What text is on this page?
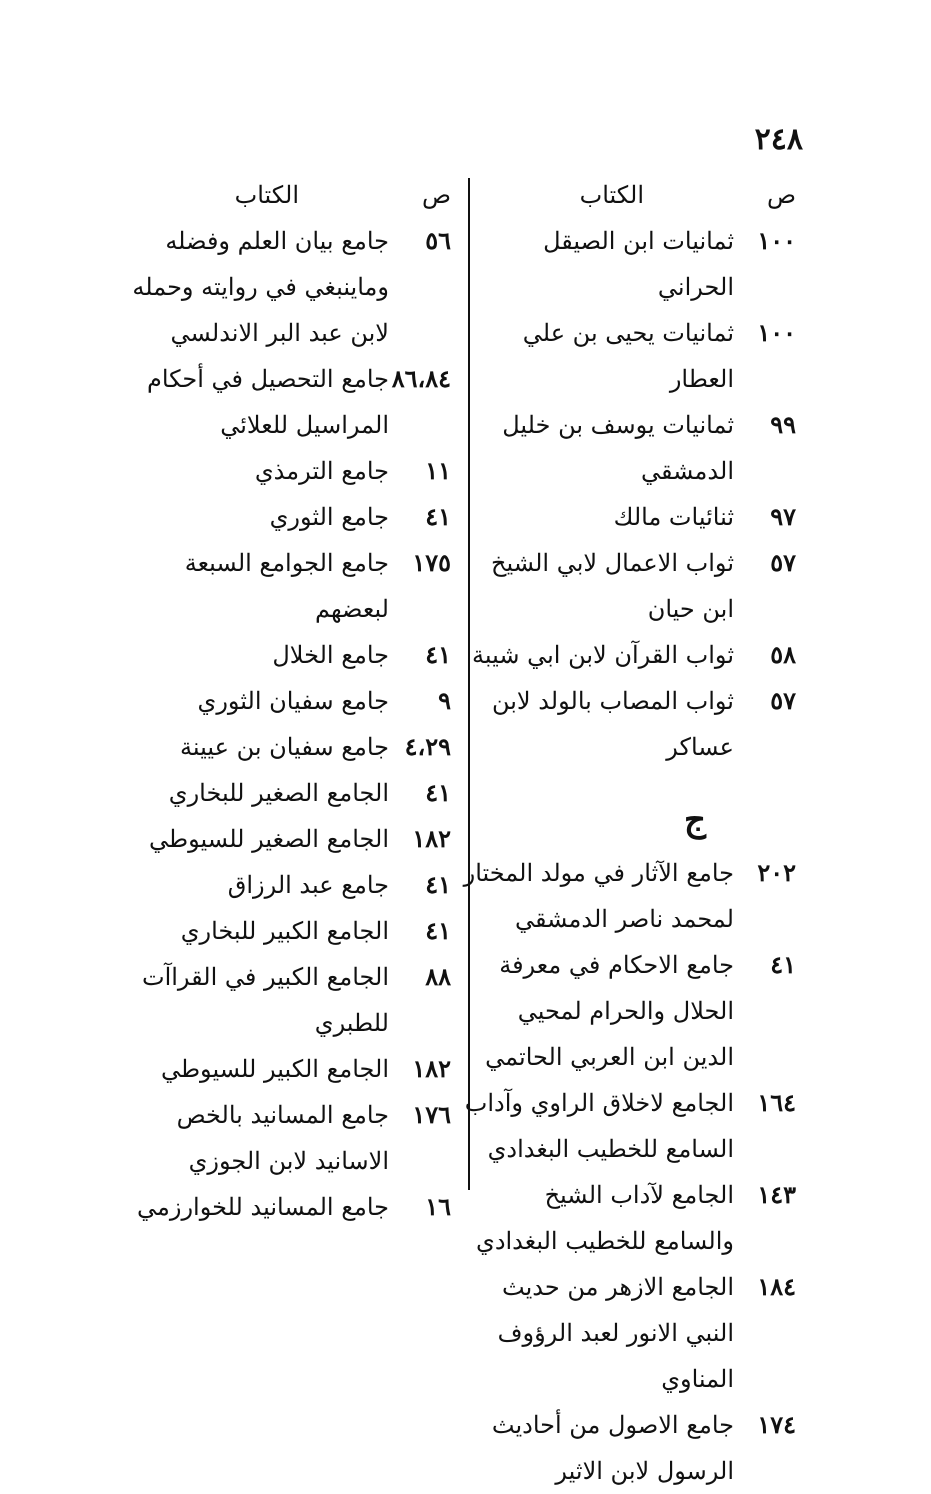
٢٤٨
ص
الكتاب
١٠٠
ثمانيات ابن الصيقل الحراني
١٠٠
ثمانيات يحيى بن علي العطار
٩٩
ثمانيات يوسف بن خليل الدمشقي
٩٧
ثنائيات مالك
٥٧
ثواب الاعمال لابي الشيخ ابن حيان
٥٨
ثواب القرآن لابن ابي شيبة
٥٧
ثواب المصاب بالولد لابن عساكر
ج
٢٠٢
جامع الآثار في مولد المختار لمحمد ناصر الدمشقي
٤١
جامع الاحكام في معرفة الحلال والحرام لمحيي الدين ابن العربي الحاتمي
١٦٤
الجامع لاخلاق الراوي وآداب السامع للخطيب البغدادي
١٤٣
الجامع لآداب الشيخ والسامع للخطيب البغدادي
١٨٤
الجامع الازهر من حديث النبي الانور لعبد الرؤوف المناوي
١٧٤
جامع الاصول من أحاديث الرسول لابن الاثير
ص
الكتاب
٥٦
جامع بيان العلم وفضله وماينبغي في روايته وحمله لابن عبد البر الاندلسي
٨٦،٨٤
جامع التحصيل في أحكام المراسيل للعلائي
١١
جامع الترمذي
٤١
جامع الثوري
١٧٥
جامع الجوامع السبعة لبعضهم
٤١
جامع الخلال
٩
جامع سفيان الثوري
٤،٢٩
جامع سفيان بن عيينة
٤١
الجامع الصغير للبخاري
١٨٢
الجامع الصغير للسيوطي
٤١
جامع عبد الرزاق
٤١
الجامع الكبير للبخاري
٨٨
الجامع الكبير في القراآت للطبري
١٨٢
الجامع الكبير للسيوطي
١٧٦
جامع المسانيد بالخص الاسانيد لابن الجوزي
١٦
جامع المسانيد للخوارزمي
